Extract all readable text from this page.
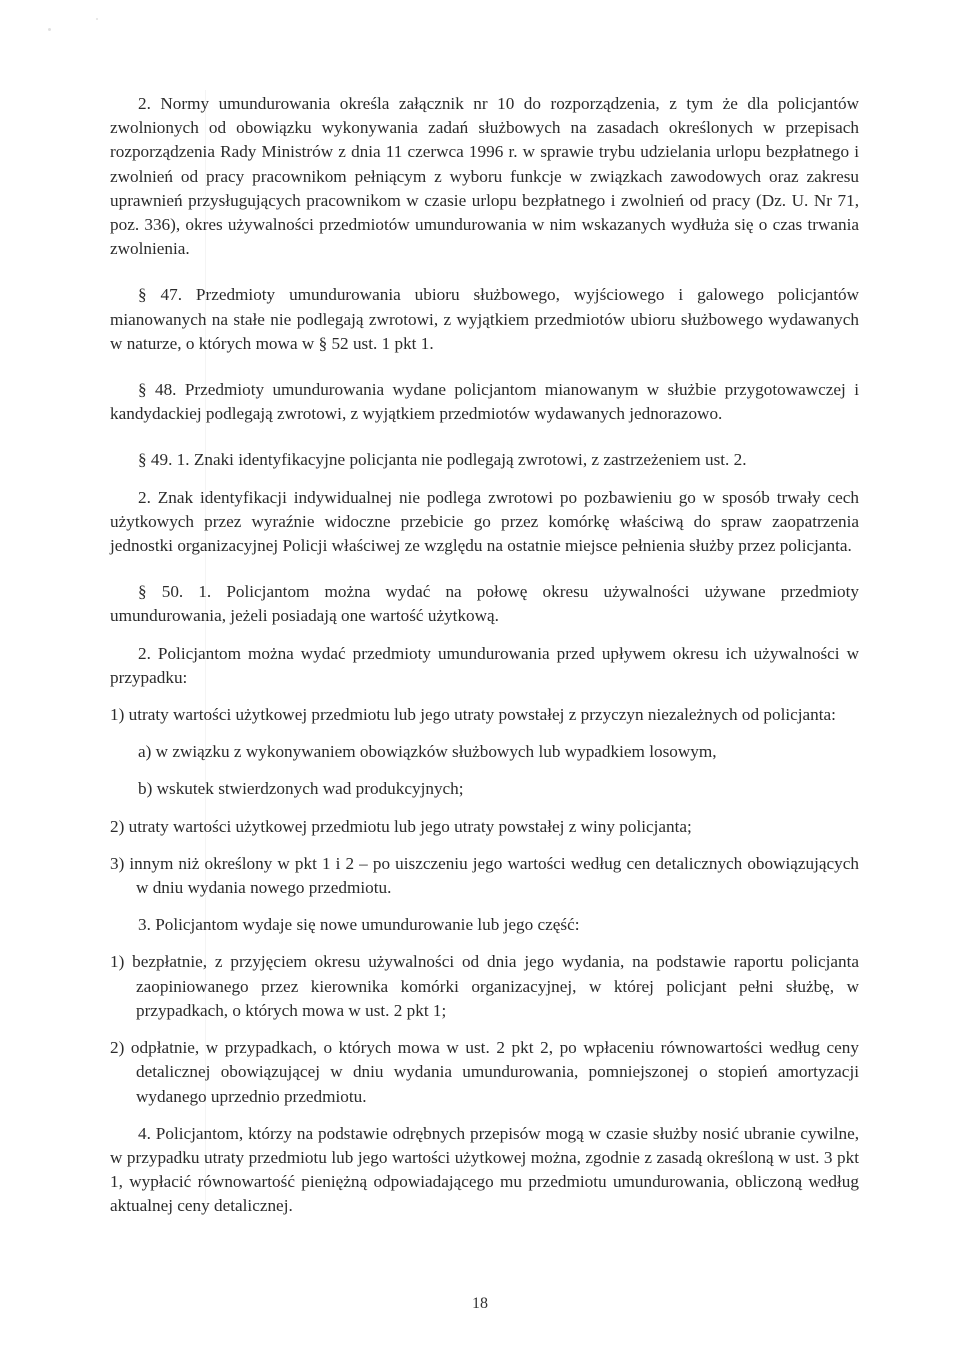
2. Normy umundurowania określa załącznik nr 10 do rozporządzenia, z tym że dla policjantów zwolnionych od obowiązku wykonywania zadań służbowych na zasadach określonych w przepisach rozporządzenia Rady Ministrów z dnia 11 czerwca 1996 r. w sprawie trybu udzielania urlopu bezpłatnego i zwolnień od pracy pracownikom pełniącym z wyboru funkcje w związkach zawodowych oraz zakresu uprawnień przysługujących pracownikom w czasie urlopu bezpłatnego i zwolnień od pracy (Dz. U. Nr 71, poz. 336), okres używalności przedmiotów umundurowania w nim wskazanych wydłuża się o czas trwania zwolnienia.

§ 47. Przedmioty umundurowania ubioru służbowego, wyjściowego i galowego policjantów mianowanych na stałe nie podlegają zwrotowi, z wyjątkiem przedmiotów ubioru służbowego wydawanych w naturze, o których mowa w § 52 ust. 1 pkt 1.

§ 48. Przedmioty umundurowania wydane policjantom mianowanym w służbie przygotowawczej i kandydackiej podlegają zwrotowi, z wyjątkiem przedmiotów wydawanych jednorazowo.

§ 49. 1. Znaki identyfikacyjne policjanta nie podlegają zwrotowi, z zastrzeżeniem ust. 2.

2. Znak identyfikacji indywidualnej nie podlega zwrotowi po pozbawieniu go w sposób trwały cech użytkowych przez wyraźnie widoczne przebicie go przez komórkę właściwą do spraw zaopatrzenia jednostki organizacyjnej Policji właściwej ze względu na ostatnie miejsce pełnienia służby przez policjanta.

§ 50. 1. Policjantom można wydać na połowę okresu używalności używane przedmioty umundurowania, jeżeli posiadają one wartość użytkową.

2. Policjantom można wydać przedmioty umundurowania przed upływem okresu ich używalności w przypadku:

1) utraty wartości użytkowej przedmiotu lub jego utraty powstałej z przyczyn niezależnych od policjanta:

a) w związku z wykonywaniem obowiązków służbowych lub wypadkiem losowym,

b) wskutek stwierdzonych wad produkcyjnych;

2) utraty wartości użytkowej przedmiotu lub jego utraty powstałej z winy policjanta;

3) innym niż określony w pkt 1 i 2 – po uiszczeniu jego wartości według cen detalicznych obowiązujących w dniu wydania nowego przedmiotu.

3. Policjantom wydaje się nowe umundurowanie lub jego część:

1) bezpłatnie, z przyjęciem okresu używalności od dnia jego wydania, na podstawie raportu policjanta zaopiniowanego przez kierownika komórki organizacyjnej, w której policjant pełni służbę, w przypadkach, o których mowa w ust. 2 pkt 1;

2) odpłatnie, w przypadkach, o których mowa w ust. 2 pkt 2, po wpłaceniu równowartości według ceny detalicznej obowiązującej w dniu wydania umundurowania, pomniejszonej o stopień amortyzacji wydanego uprzednio przedmiotu.

4. Policjantom, którzy na podstawie odrębnych przepisów mogą w czasie służby nosić ubranie cywilne, w przypadku utraty przedmiotu lub jego wartości użytkowej można, zgodnie z zasadą określoną w ust. 3 pkt 1, wypłacić równowartość pieniężną odpowiadającego mu przedmiotu umundurowania, obliczoną według aktualnej ceny detalicznej.

18
